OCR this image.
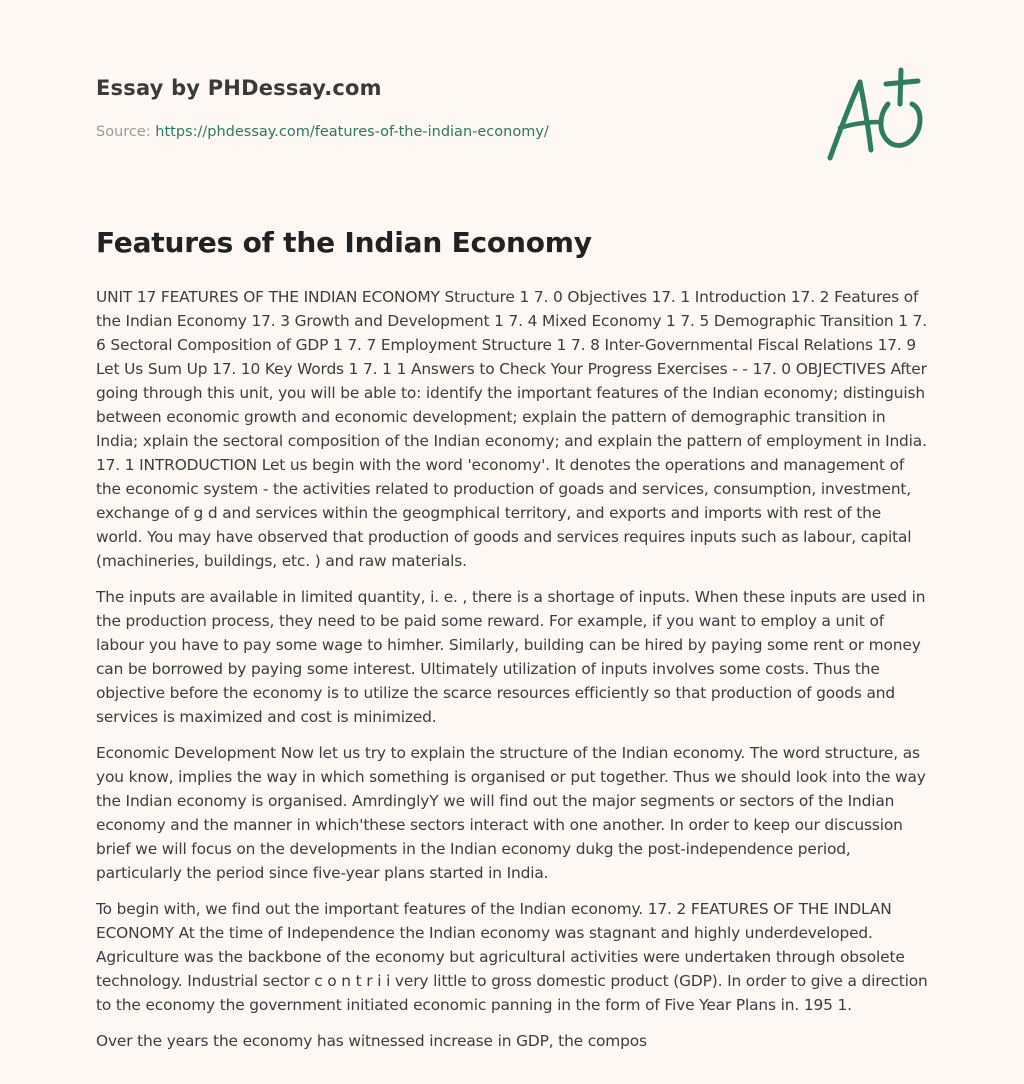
Essay by PHDessay.com
Source: https://phdessay.com/features-of-the-indian-economy/
Features of the Indian Economy

UNIT 17 FEATURES OF THE INDIAN ECONOMY Structure 1 7. 0 Objectives 17. 1 Introduction 17. 2 Features of the Indian Economy 17. 3 Growth and Development 1 7. 4 Mixed Economy 1 7. 5 Demographic Transition 1 7. 6 Sectoral Composition of GDP 1 7. 7 Employment Structure 1 7. 8 Inter-Governmental Fiscal Relations 17. 9 Let Us Sum Up 17. 10 Key Words 1 7. 1 1 Answers to Check Your Progress Exercises - - 17. 0 OBJECTIVES After going through this unit, you will be able to: identify the important features of the Indian economy; distinguish between economic growth and economic development; explain the pattern of demographic transition in India; xplain the sectoral composition of the Indian economy; and explain the pattern of employment in India. 17. 1 INTRODUCTION Let us begin with the word 'economy'. It denotes the operations and management of the economic system - the activities related to production of goads and services, consumption, investment, exchange of g d and services within the geogmphical territory, and exports and imports with rest of the world. You may have observed that production of goods and services requires inputs such as labour, capital (machineries, buildings, etc. ) and raw materials.

The inputs are available in limited quantity, i. e. , there is a shortage of inputs. When these inputs are used in the production process, they need to be paid some reward. For example, if you want to employ a unit of labour you have to pay some wage to himher. Similarly, building can be hired by paying some rent or money can be borrowed by paying some interest. Ultimately utilization of inputs involves some costs. Thus the objective before the economy is to utilize the scarce resources efficiently so that production of goods and services is maximized and cost is minimized.

Economic Development Now let us try to explain the structure of the Indian economy. The word structure, as you know, implies the way in which something is organised or put together. Thus we should look into the way the Indian economy is organised. AmrdinglyY we will find out the major segments or sectors of the Indian economy and the manner in which'these sectors interact with one another. In order to keep our discussion brief we will focus on the developments in the Indian economy dukg the post-independence period, particularly the period since five-year plans started in India.

To begin with, we find out the important features of the Indian economy. 17. 2 FEATURES OF THE INDLAN ECONOMY At the time of Independence the Indian economy was stagnant and highly underdeveloped. Agriculture was the backbone of the economy but agricultural activities were undertaken through obsolete technology. Industrial sector c o n t r i i very little to gross domestic product (GDP). In order to give a direction to the economy the government initiated economic panning in the form of Five Year Plans in. 195 1.

Over the years the economy has witnessed increase in GDP, the compos
